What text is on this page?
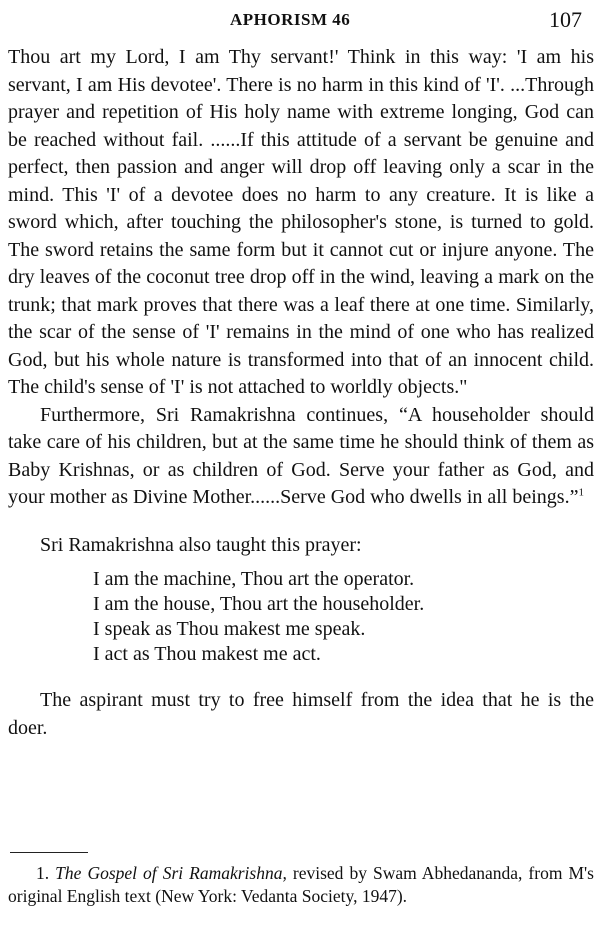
APHORISM 46	107

Thou art my Lord, I am Thy servant!' Think in this way: 'I am his servant, I am His devotee'. There is no harm in this kind of 'I'. ...Through prayer and repetition of His holy name with extreme longing, God can be reached without fail. ......If this attitude of a servant be genuine and perfect, then passion and anger will drop off leaving only a scar in the mind. This 'I' of a devotee does no harm to any creature. It is like a sword which, after touching the philosopher's stone, is turned to gold. The sword retains the same form but it cannot cut or injure anyone. The dry leaves of the coconut tree drop off in the wind, leaving a mark on the trunk; that mark proves that there was a leaf there at one time. Similarly, the scar of the sense of 'I' remains in the mind of one who has realized God, but his whole nature is transformed into that of an innocent child. The child's sense of 'I' is not attached to worldly objects."

Furthermore, Sri Ramakrishna continues, “A householder should take care of his children, but at the same time he should think of them as Baby Krishnas, or as children of God. Serve your father as God, and your mother as Divine Mother......Serve God who dwells in all beings.”$^1$

Sri Ramakrishna also taught this prayer:

I am the machine, Thou art the operator.
I am the house, Thou art the householder.
I speak as Thou makest me speak.
I act as Thou makest me act.

The aspirant must try to free himself from the idea that he is the doer.

1. The Gospel of Sri Ramakrishna, revised by Swam Abhedananda, from M's original English text (New York: Vedanta Society, 1947).
